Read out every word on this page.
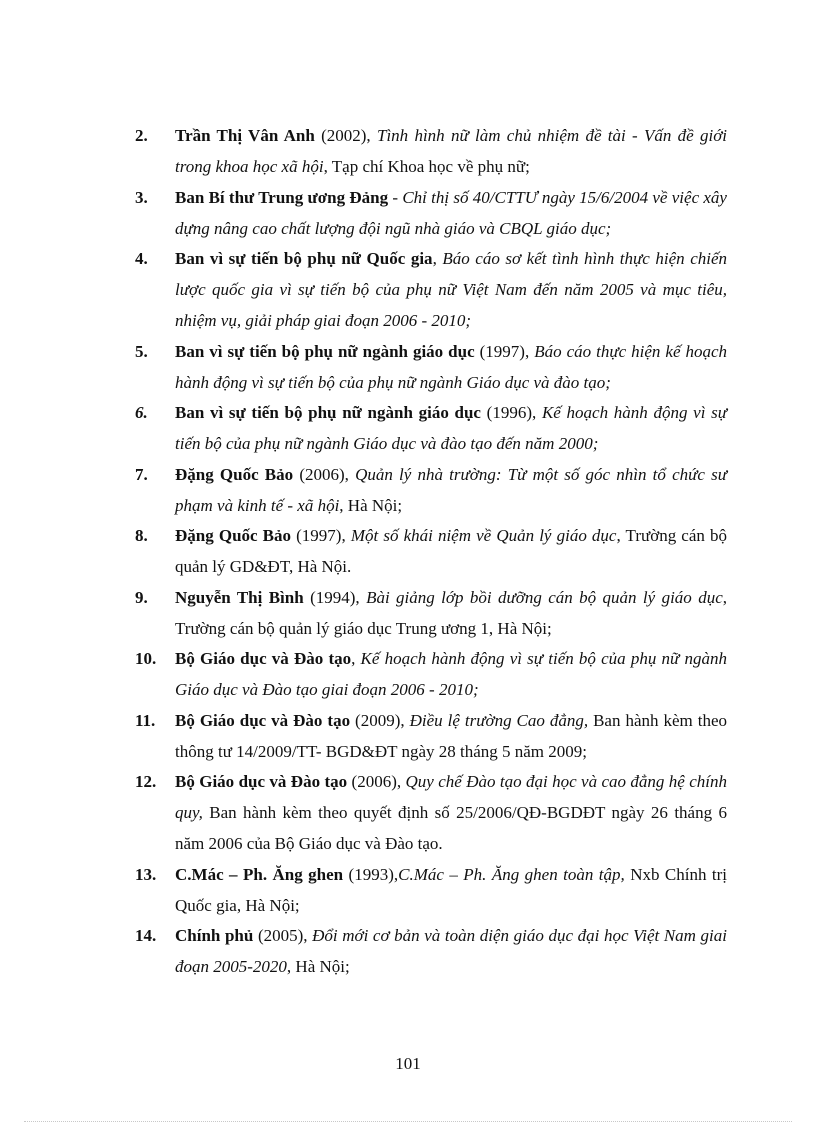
2.	Trần Thị Vân Anh (2002), Tình hình nữ làm chủ nhiệm đề tài - Vấn đề giới trong khoa học xã hội, Tạp chí Khoa học về phụ nữ;
3.	Ban Bí thư Trung ương Đảng - Chỉ thị số 40/CTTƯ ngày 15/6/2004 về việc xây dựng nâng cao chất lượng đội ngũ nhà giáo và CBQL giáo dục;
4.	Ban vì sự tiến bộ phụ nữ Quốc gia, Báo cáo sơ kết tình hình thực hiện chiến lược quốc gia vì sự tiến bộ của phụ nữ Việt Nam đến năm 2005 và mục tiêu, nhiệm vụ, giải pháp giai đoạn 2006 - 2010;
5.	Ban vì sự tiến bộ phụ nữ ngành giáo dục (1997), Báo cáo thực hiện kế hoạch hành động vì sự tiến bộ của phụ nữ ngành Giáo dục và đào tạo;
6.	Ban vì sự tiến bộ phụ nữ ngành giáo dục (1996), Kế hoạch hành động vì sự tiến bộ của phụ nữ ngành Giáo dục và đào tạo đến năm 2000;
7.	Đặng Quốc Bảo (2006), Quản lý nhà trường: Từ một số góc nhìn tổ chức sư phạm và kinh tế - xã hội, Hà Nội;
8.	Đặng Quốc Bảo (1997), Một số khái niệm về Quản lý giáo dục, Trường cán bộ quản lý GD&ĐT, Hà Nội.
9.	Nguyễn Thị Bình (1994), Bài giảng lớp bồi dưỡng cán bộ quản lý giáo dục, Trường cán bộ quản lý giáo dục Trung ương 1, Hà Nội;
10.	Bộ Giáo dục và Đào tạo, Kế hoạch hành động vì sự tiến bộ của phụ nữ ngành Giáo dục và Đào tạo giai đoạn 2006 - 2010;
11.	Bộ Giáo dục và Đào tạo (2009), Điều lệ trường Cao đẳng, Ban hành kèm theo thông tư 14/2009/TT- BGD&ĐT ngày 28 tháng 5 năm 2009;
12.	Bộ Giáo dục và Đào tạo (2006), Quy chế Đào tạo đại học và cao đẳng hệ chính quy, Ban hành kèm theo quyết định số 25/2006/QĐ-BGDĐT ngày 26 tháng 6 năm 2006 của Bộ Giáo dục và Đào tạo.
13.	C.Mác – Ph. Ăng ghen (1993),C.Mác – Ph. Ăng ghen toàn tập, Nxb Chính trị Quốc gia, Hà Nội;
14.	Chính phủ (2005), Đổi mới cơ bản và toàn diện giáo dục đại học Việt Nam giai đoạn 2005-2020, Hà Nội;
101
